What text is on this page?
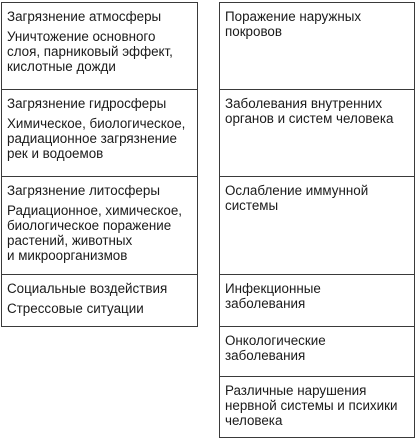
Загрязнение атмосферы
Уничтожение основного
слоя, парниковый эффект,
кислотные дожди
Загрязнение гидросферы
Химическое, биологическое,
радиационное загрязнение
рек и водоемов
Загрязнение литосферы
Радиационное, химическое,
биологическое поражение
растений, животных
и микроорганизмов
Социальные воздействия
Стрессовые ситуации
Поражение наружных
покровов
Заболевания внутренних
органов и систем человека
Ослабление иммунной
системы
Инфекционные
заболевания
Онкологические
заболевания
Различные нарушения
нервной системы и психики
человека
